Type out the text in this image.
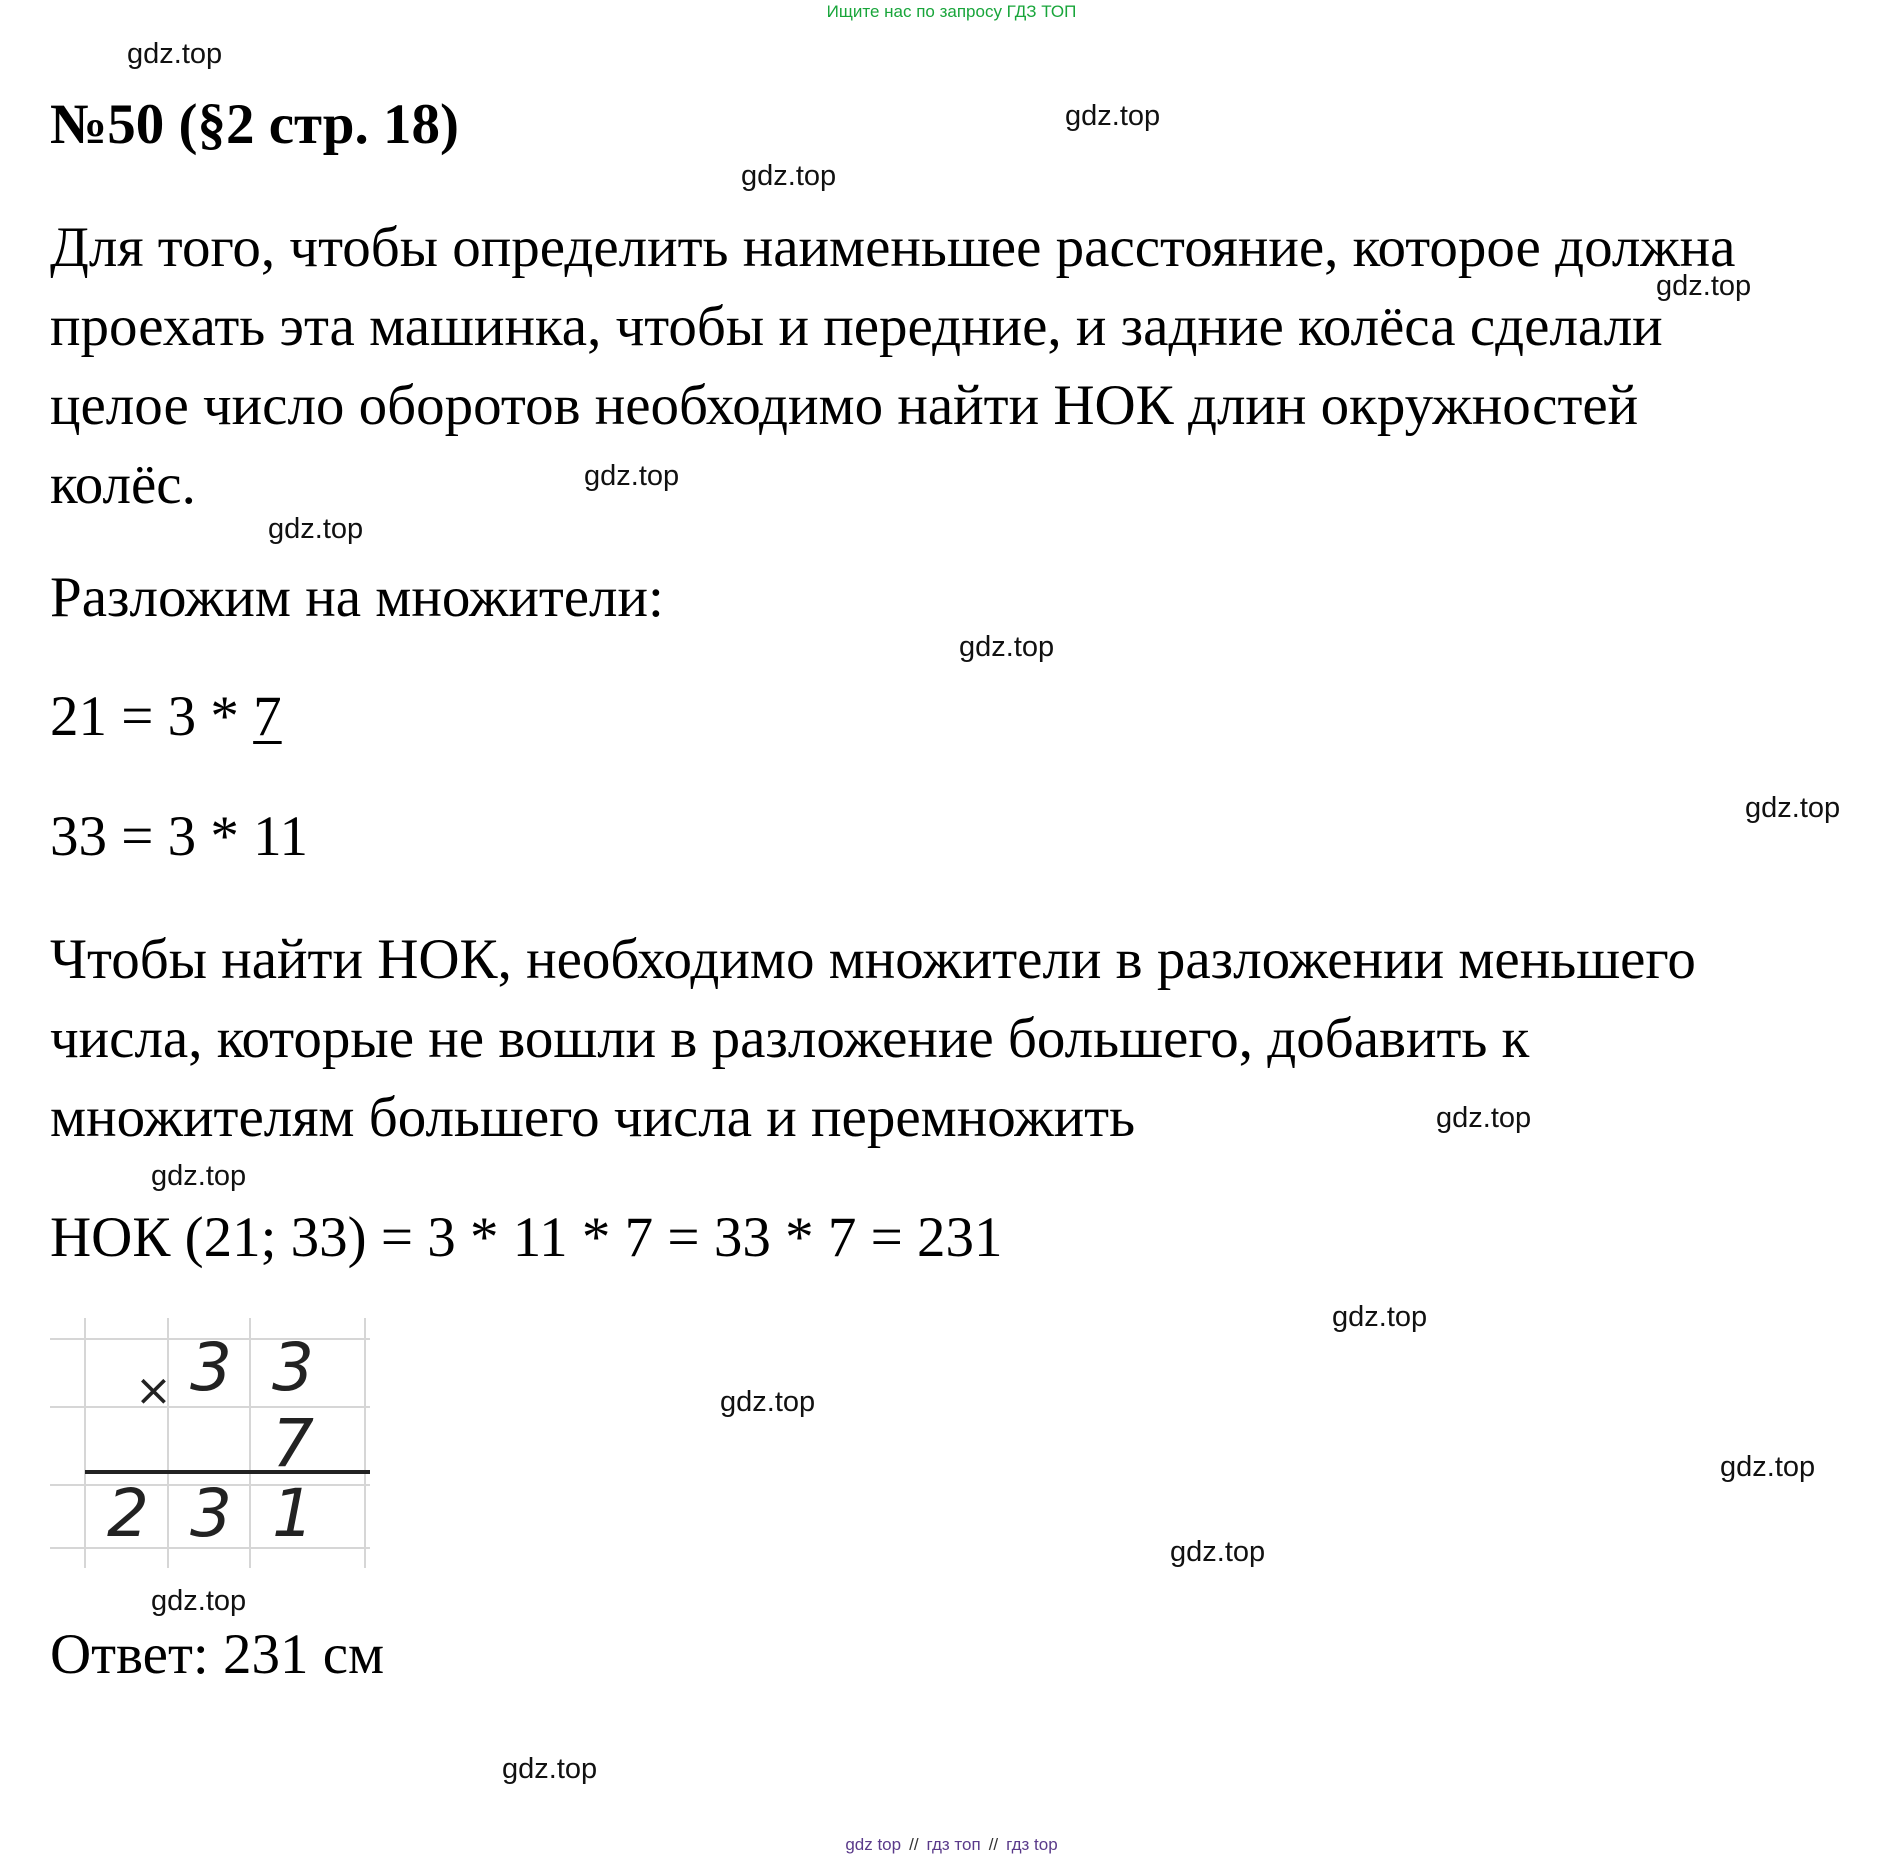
Ищите нас по запросу ГДЗ ТОП
№50 (§2 стр. 18)
Для того, чтобы определить наименьшее расстояние, которое должна
проехать эта машинка, чтобы и передние, и задние колёса сделали
целое число оборотов необходимо найти НОК длин окружностей
колёс.
Разложим на множители:
21 = 3 * 7
33 = 3 * 11
Чтобы найти НОК, необходимо множители в разложении меньшего
числа, которые не вошли в разложение большего, добавить к
множителям большего числа и перемножить
НОК (21; 33) = 3 * 11 * 7 = 33 * 7 = 231
× 3 3
7
2 3 1
Ответ: 231 см
gdz.top
gdz.top
gdz.top
gdz.top
gdz.top
gdz.top
gdz.top
gdz.top
gdz.top
gdz.top
gdz.top
gdz.top
gdz.top
gdz.top
gdz.top
gdz.top
gdz top // гдз топ // гдз top
